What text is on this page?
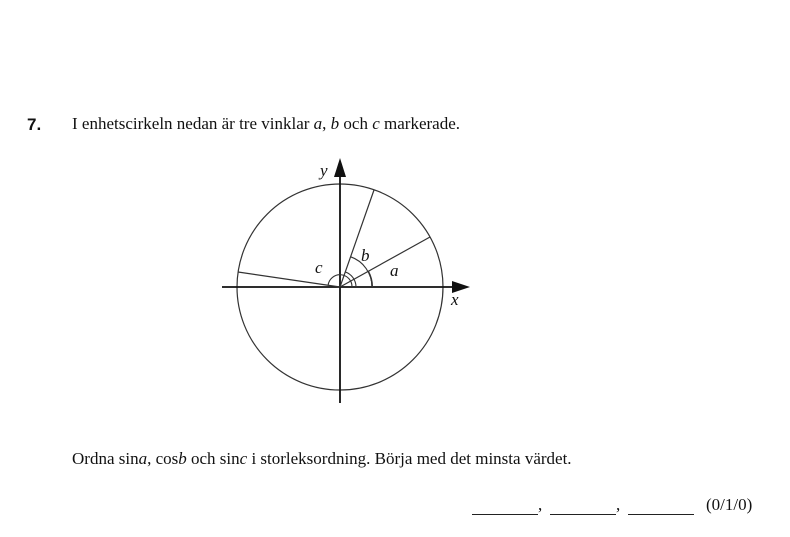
7. I enhetscirkeln nedan är tre vinklar a, b och c markerade.
y
x
a
b
c
Ordna sina, cosb och sinc i storleksordning. Börja med det minsta värdet.
,	,	(0/1/0)
